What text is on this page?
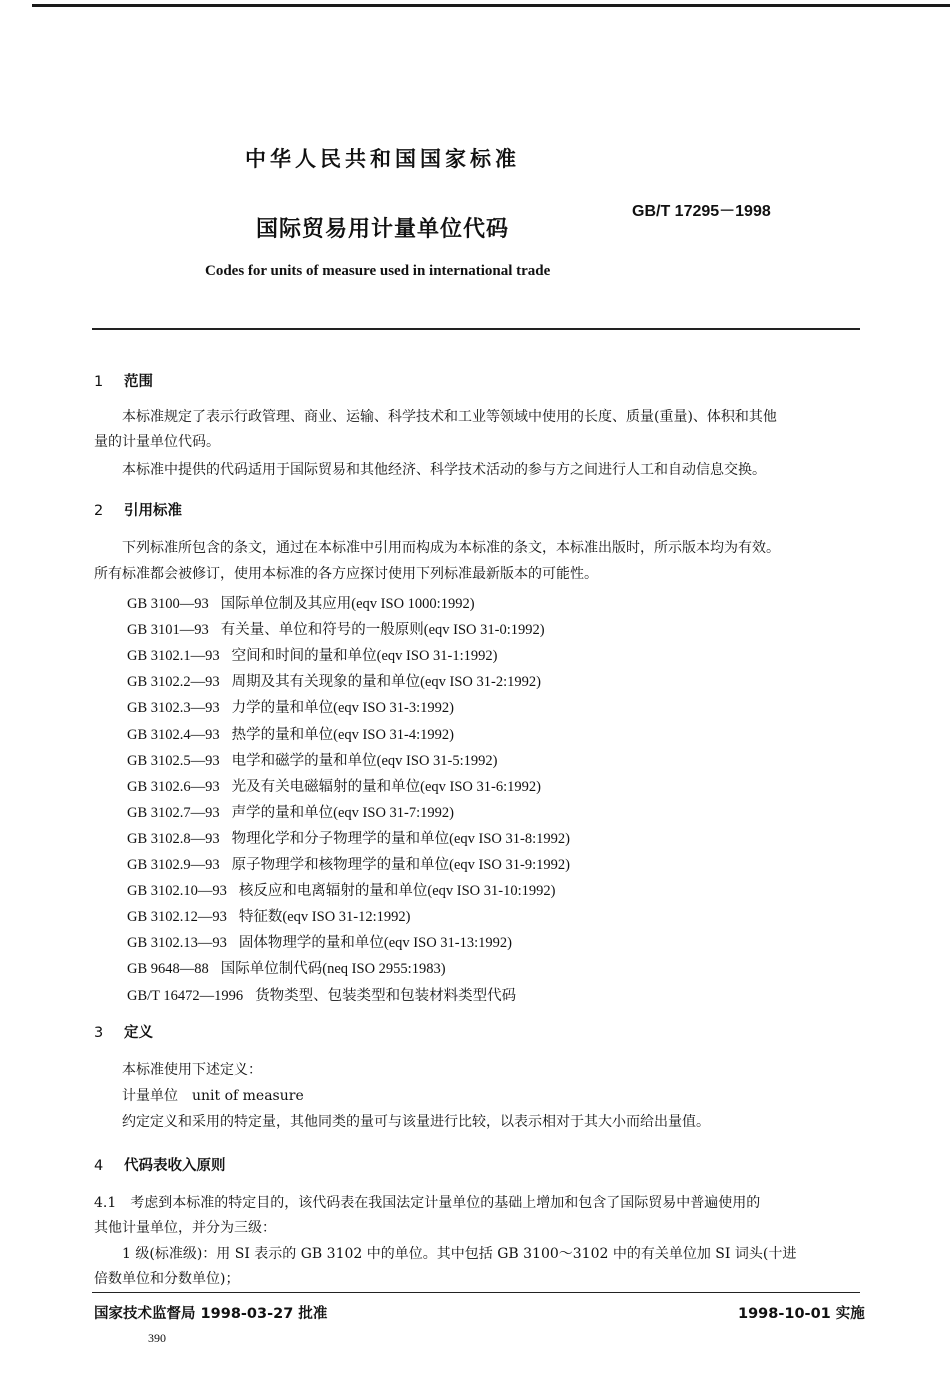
中华人民共和国国家标准
GB/T 17295－1998
国际贸易用计量单位代码
Codes for units of measure used in international trade
1 范围
本标准规定了表示行政管理、商业、运输、科学技术和工业等领域中使用的长度、质量(重量)、体积和其他
量的计量单位代码。
本标准中提供的代码适用于国际贸易和其他经济、科学技术活动的参与方之间进行人工和自动信息交换。
2 引用标准
下列标准所包含的条文，通过在本标准中引用而构成为本标准的条文，本标准出版时，所示版本均为有效。
所有标准都会被修订，使用本标准的各方应探讨使用下列标准最新版本的可能性。
GB 3100—93 国际单位制及其应用(eqv ISO 1000:1992)
GB 3101—93 有关量、单位和符号的一般原则(eqv ISO 31-0:1992)
GB 3102.1—93 空间和时间的量和单位(eqv ISO 31-1:1992)
GB 3102.2—93 周期及其有关现象的量和单位(eqv ISO 31-2:1992)
GB 3102.3—93 力学的量和单位(eqv ISO 31-3:1992)
GB 3102.4—93 热学的量和单位(eqv ISO 31-4:1992)
GB 3102.5—93 电学和磁学的量和单位(eqv ISO 31-5:1992)
GB 3102.6—93 光及有关电磁辐射的量和单位(eqv ISO 31-6:1992)
GB 3102.7—93 声学的量和单位(eqv ISO 31-7:1992)
GB 3102.8—93 物理化学和分子物理学的量和单位(eqv ISO 31-8:1992)
GB 3102.9—93 原子物理学和核物理学的量和单位(eqv ISO 31-9:1992)
GB 3102.10—93 核反应和电离辐射的量和单位(eqv ISO 31-10:1992)
GB 3102.12—93 特征数(eqv ISO 31-12:1992)
GB 3102.13—93 固体物理学的量和单位(eqv ISO 31-13:1992)
GB 9648—88 国际单位制代码(neq ISO 2955:1983)
GB/T 16472—1996 货物类型、包装类型和包装材料类型代码
3 定义
本标准使用下述定义：
计量单位　unit of measure
约定定义和采用的特定量，其他同类的量可与该量进行比较，以表示相对于其大小而给出量值。
4 代码表收入原则
4.1　考虑到本标准的特定目的，该代码表在我国法定计量单位的基础上增加和包含了国际贸易中普遍使用的
其他计量单位，并分为三级：
1 级(标准级)：用 SI 表示的 GB 3102 中的单位。其中包括 GB 3100～3102 中的有关单位加 SI 词头(十进
倍数单位和分数单位)；
国家技术监督局 1998-03-27 批准	1998-10-01 实施
390
